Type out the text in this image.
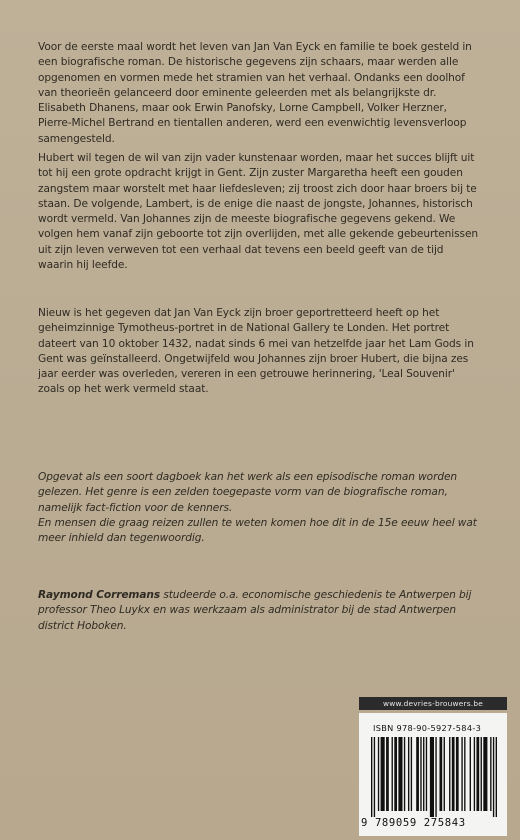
Voor de eerste maal wordt het leven van Jan Van Eyck en familie te boek gesteld in een biografische roman. De historische gegevens zijn schaars, maar werden alle opgenomen en vormen mede het stramien van het verhaal. Ondanks een doolhof van theorieën gelanceerd door eminente geleerden met als belangrijkste dr. Elisabeth Dhanens, maar ook Erwin Panofsky, Lorne Campbell, Volker Herzner, Pierre-Michel Bertrand en tientallen anderen, werd een evenwichtig levensverloop samengesteld.
Hubert wil tegen de wil van zijn vader kunstenaar worden, maar het succes blijft uit tot hij een grote opdracht krijgt in Gent. Zijn zuster Margaretha heeft een gouden zangstem maar worstelt met haar liefdesleven; zij troost zich door haar broers bij te staan. De volgende, Lambert, is de enige die naast de jongste, Johannes, historisch wordt vermeld. Van Johannes zijn de meeste biografische gegevens gekend. We volgen hem vanaf zijn geboorte tot zijn overlijden, met alle gekende gebeurtenissen uit zijn leven verweven tot een verhaal dat tevens een beeld geeft van de tijd waarin hij leefde.
Nieuw is het gegeven dat Jan Van Eyck zijn broer geportretteerd heeft op het geheimzinnige Tymotheus-portret in de National Gallery te Londen. Het portret dateert van 10 oktober 1432, nadat sinds 6 mei van hetzelfde jaar het Lam Gods in Gent was geïnstalleerd. Ongetwijfeld wou Johannes zijn broer Hubert, die bijna zes jaar eerder was overleden, vereren in een getrouwe herinnering, 'Leal Souvenir' zoals op het werk vermeld staat.
Opgevat als een soort dagboek kan het werk als een episodische roman worden gelezen. Het genre is een zelden toegepaste vorm van de biografische roman, namelijk fact-fiction voor de kenners.
En mensen die graag reizen zullen te weten komen hoe dit in de 15e eeuw heel wat meer inhield dan tegenwoordig.
Raymond Corremans studeerde o.a. economische geschiedenis te Antwerpen bij professor Theo Luykx en was werkzaam als administrator bij de stad Antwerpen district Hoboken.
www.devries-brouwers.be
ISBN 978-90-5927-584-3
9 789059 275843
